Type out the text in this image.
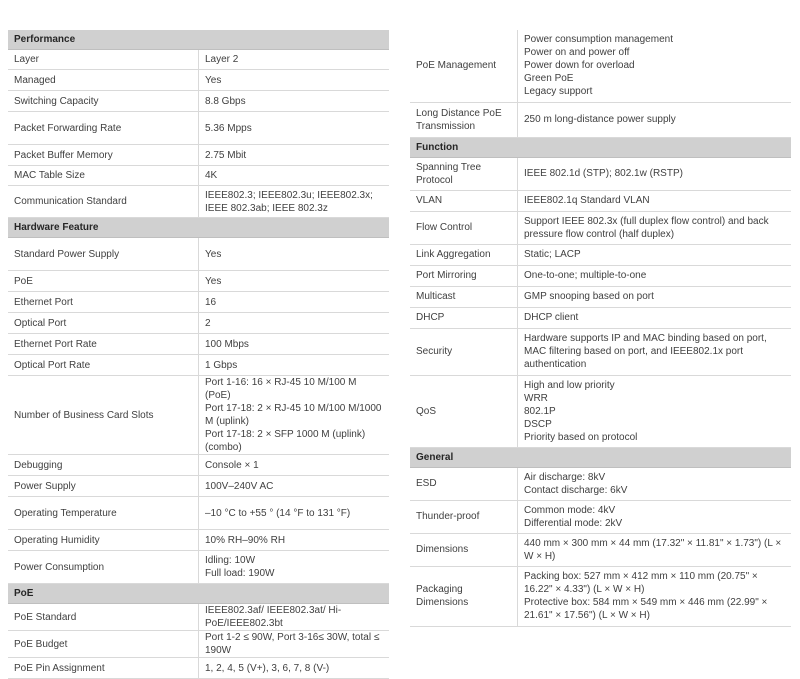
Performance	
Layer	Layer 2
Managed	Yes
Switching Capacity	8.8 Gbps
Packet Forwarding Rate	5.36 Mpps
Packet Buffer Memory	2.75 Mbit
MAC Table Size	4K
Communication Standard	IEEE802.3; IEEE802.3u; IEEE802.3x; IEEE 802.3ab; IEEE 802.3z
Hardware Feature	
Standard Power Supply	Yes
PoE	Yes
Ethernet Port	16
Optical Port	2
Ethernet Port Rate	100 Mbps
Optical Port Rate	1 Gbps
Number of Business Card Slots	Port 1-16: 16 × RJ-45 10 M/100 M (PoE)
Port 17-18: 2 × RJ-45 10 M/100 M/1000 M (uplink)
Port 17-18: 2 × SFP 1000 M (uplink) (combo)
Debugging	Console × 1
Power Supply	100V–240V AC
Operating Temperature	–10 °C to +55 ° (14 °F to 131 °F)
Operating Humidity	10% RH–90% RH
Power Consumption	Idling: 10W
Full load: 190W
PoE	
PoE Standard	IEEE802.3af/ IEEE802.3at/ Hi-PoE/IEEE802.3bt
PoE Budget	Port 1-2 ≤ 90W, Port 3-16≤ 30W, total ≤ 190W
PoE Pin Assignment	1, 2, 4, 5 (V+), 3, 6, 7, 8 (V-)
PoE Management	Power consumption management
Power on and power off
Power down for overload
Green PoE
Legacy support
Long Distance PoE Transmission	250 m long-distance power supply
Function	
Spanning Tree Protocol	IEEE 802.1d (STP); 802.1w (RSTP)
VLAN	IEEE802.1q Standard VLAN
Flow Control	Support IEEE 802.3x (full duplex flow control) and back pressure flow control (half duplex)
Link Aggregation	Static; LACP
Port Mirroring	One-to-one; multiple-to-one
Multicast	GMP snooping based on port
DHCP	DHCP client
Security	Hardware supports IP and MAC binding based on port, MAC filtering based on port, and IEEE802.1x port authentication
QoS	High and low priority
WRR
802.1P
DSCP
Priority based on protocol
General	
ESD	Air discharge: 8kV
Contact discharge: 6kV
Thunder-proof	Common mode: 4kV
Differential mode: 2kV
Dimensions	440 mm × 300 mm × 44 mm (17.32" × 11.81" × 1.73") (L × W × H)
Packaging Dimensions	Packing box: 527 mm × 412 mm × 110 mm (20.75" × 16.22" × 4.33") (L × W × H)
Protective box: 584 mm × 549 mm × 446 mm (22.99" × 21.61" × 17.56") (L × W × H)
